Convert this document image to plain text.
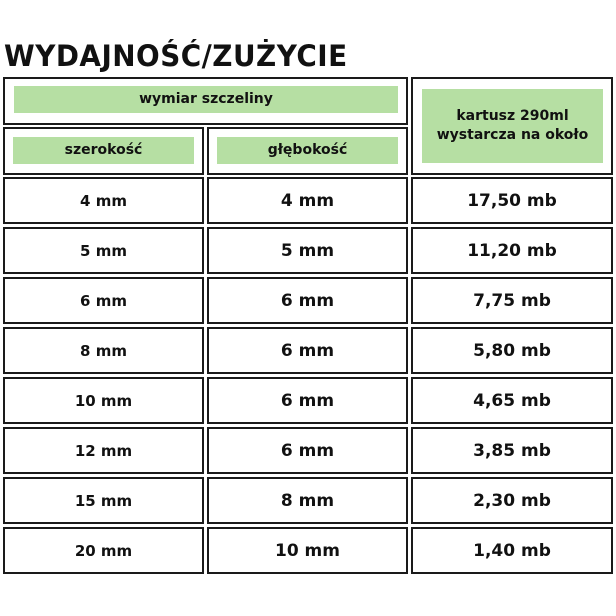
WYDAJNOŚĆ/ZUŻYCIE
wymiar szczeliny
kartusz 290ml
wystarcza na około
szerokość	głębokość
4 mm	4 mm	17,50 mb
5 mm	5 mm	11,20 mb
6 mm	6 mm	7,75 mb
8 mm	6 mm	5,80 mb
10 mm	6 mm	4,65 mb
12 mm	6 mm	3,85 mb
15 mm	8 mm	2,30 mb
20 mm	10 mm	1,40 mb
